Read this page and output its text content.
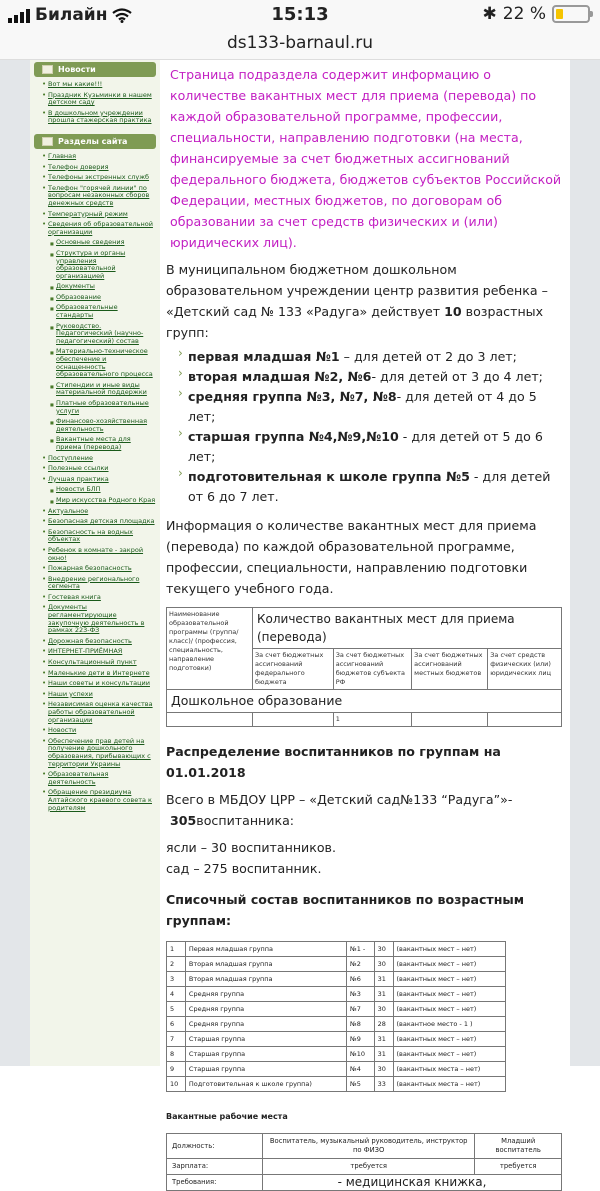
Билайн	15:13	✱ 22 %
ds133-barnaul.ru
Новости
• Вот мы какие!!!
• Праздник Кузьминки в нашем детском саду
• В дошкольном учреждении прошла стажерская практика
Разделы сайта
• Главная
• Телефон доверия
• Телефоны экстренных служб
• Телефон "горячей линии" по вопросам незаконных сборов денежных средств
• Температурный режим
• Сведения об образовательной организации
■ Основные сведения
■ Структура и органы управления образовательной организацией
■ Документы
■ Образование
■ Образовательные стандарты
■ Руководство. Педагогический (научно-педагогический) состав
■ Материально-техническое обеспечение и оснащенность образовательного процесса
■ Стипендии и иные виды материальной поддержки
■ Платные образовательные услуги
■ Финансово-хозяйственная деятельность
■ Вакантные места для приема (перевода)
• Поступление
• Полезные ссылки
• Лучшая практика
■ Новости БЛП
■ Мир искусства Родного Края
• Актуальное
• Безопасная детская площадка
• Безопасность на водных объектах
• Ребенок в комнате - закрой окно!
• Пожарная безопасность
• Внедрение регионального сегмента
• Гостевая книга
• Документы регламентирующие закупочную деятельность в рамках 223-ФЗ
• Дорожная безопасность
• ИНТЕРНЕТ-ПРИЁМНАЯ
• Консультационный пункт
• Маленькие дети в Интернете
• Наши советы и консультации
• Наши успехи
• Независимая оценка качества работы образовательной организации
• Новости
• Обеспечение прав детей на получение дошкольного образования, прибывающих с территории Украины
• Образовательная деятельность
• Обращение президиума Алтайского краевого совета к родителям

Страница подраздела содержит информацию о количестве вакантных мест для приема (перевода) по каждой образовательной программе, профессии, специальности, направлению подготовки (на места, финансируемые за счет бюджетных ассигнований федерального бюджета, бюджетов субъектов Российской Федерации, местных бюджетов, по договорам об образовании за счет средств физических и (или) юридических лиц).

В муниципальном бюджетном дошкольном образовательном учреждении центр развития ребенка – «Детский сад № 133 «Радуга» действует 10 возрастных групп:

› первая младшая №1 – для детей от 2 до 3 лет;
› вторая младшая №2, №6- для детей от 3 до 4 лет;
› средняя группа №3, №7, №8- для детей от 4 до 5 лет;
› старшая группа №4,№9,№10 - для детей от 5 до 6 лет;
› подготовительная к школе группа №5 - для детей от 6 до 7 лет.

Информация о количестве вакантных мест для приема (перевода) по каждой образовательной программе, профессии, специальности, направлению подготовки текущего учебного года.

Наименование образовательной программы (группа/класс)/ (профессия, специальность, направление подготовки)	Количество вакантных мест для приема (перевода)			
	За счет бюджетных ассигнований федерального бюджета	За счет бюджетных ассигнований бюджетов субъекта РФ	За счет бюджетных ассигнований местных бюджетов	За счет средств физических (или) юридических лиц
Дошкольное образование				
		1		
Распределение воспитанников по группам на 01.01.2018

Всего в МБДОУ ЦРР – «Детский сад№133 “Радуга”»-

305воспитанника:

ясли – 30 воспитанников.

сад – 275 воспитанник.

Списочный состав воспитанников по возрастным группам:
1	Первая младшая группа	№1 -	30	(вакантных мест – нет)
2	Вторая младшая группа	№2	30	(вакантных мест – нет)
3	Вторая младшая группа	№6	31	(вакантных мест – нет)
4	Средняя группа	№3	31	(вакантных мест – нет)
5	Средняя группа	№7	30	(вакантных мест – нет)
6	Средняя группа	№8	28	(вакантное место - 1 )
7	Старшая группа	№9	31	(вакантных мест – нет)
8	Старшая группа	№10	31	(вакантных мест – нет)
9	Старшая группа	№4	30	(вакантных места – нет)
10	Подготовительная к школе группа)	№5	33	(вакантных места – нет)

Вакантные рабочие места

Должность:	Воспитатель, музыкальный руководитель, инструктор по ФИЗО	Младший воспитатель
Зарплата:	требуется	требуется
Требования:	- медицинская книжка,	
